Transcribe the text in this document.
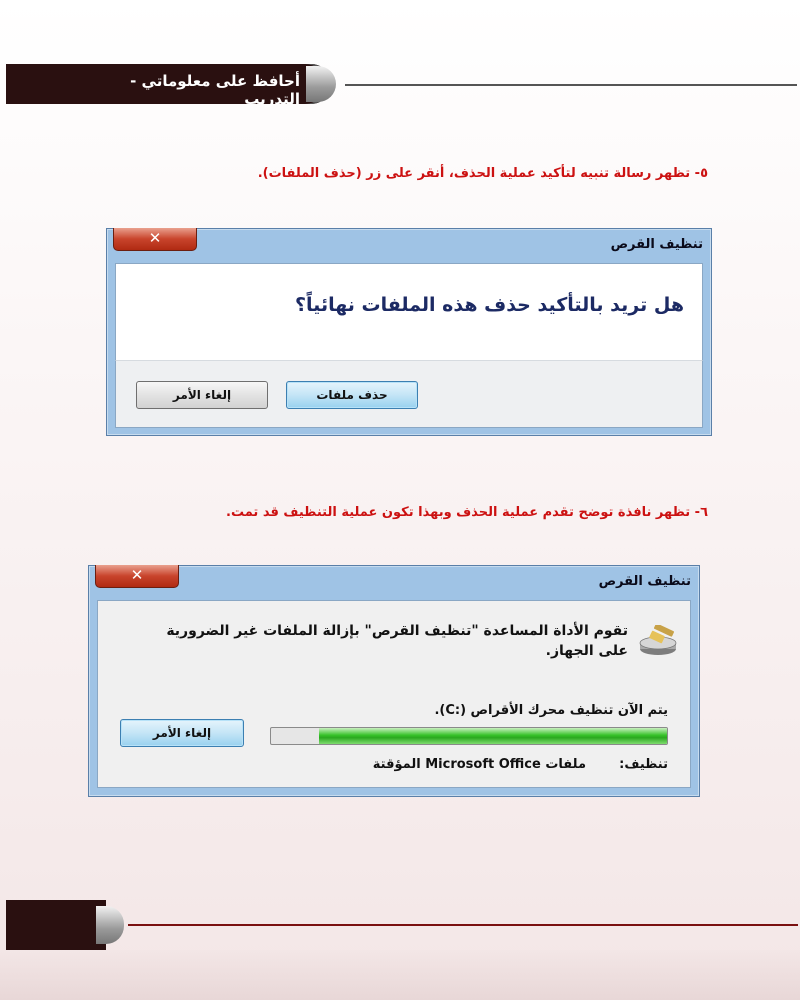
أحافظ على معلوماتي - التدريب
٥- تظهر رسالة تنبيه لتأكيد عملية الحذف، أنقر على زر (حذف الملفات).
✕	تنظيف القرص
هل تريد بالتأكيد حذف هذه الملفات نهائياً؟
حذف ملفات
إلغاء الأمر
٦- تظهر نافذة توضح تقدم عملية الحذف وبهذا تكون عملية التنظيف قد تمت.
✕	تنظيف القرص
تقوم الأداة المساعدة "تنظيف القرص" بإزالة الملفات غير الضرورية على الجهاز.
يتم الآن تنظيف محرك الأقراص (:C).
تنظيف:
ملفات Microsoft Office المؤقتة
إلغاء الأمر
